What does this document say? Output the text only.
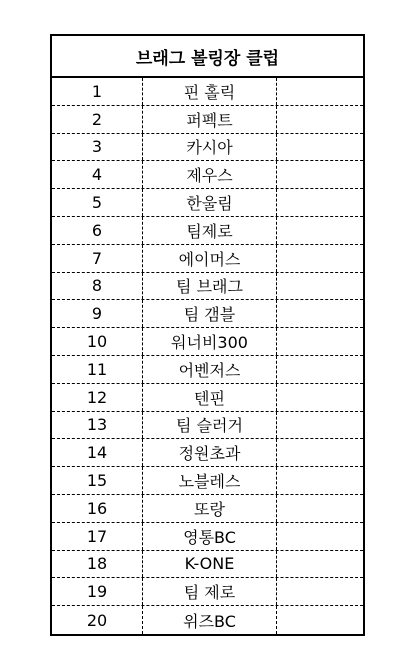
브래그 볼링장 클럽
1	핀 홀릭
2	퍼펙트
3	카시아
4	제우스
5	한울림
6	팀제로
7	에이머스
8	팀 브래그
9	팀 갬블
10	워너비300
11	어벤저스
12	텐핀
13	팀 슬러거
14	정원초과
15	노블레스
16	또랑
17	영통BC
18	K-ONE
19	팀 제로
20	위즈BC
